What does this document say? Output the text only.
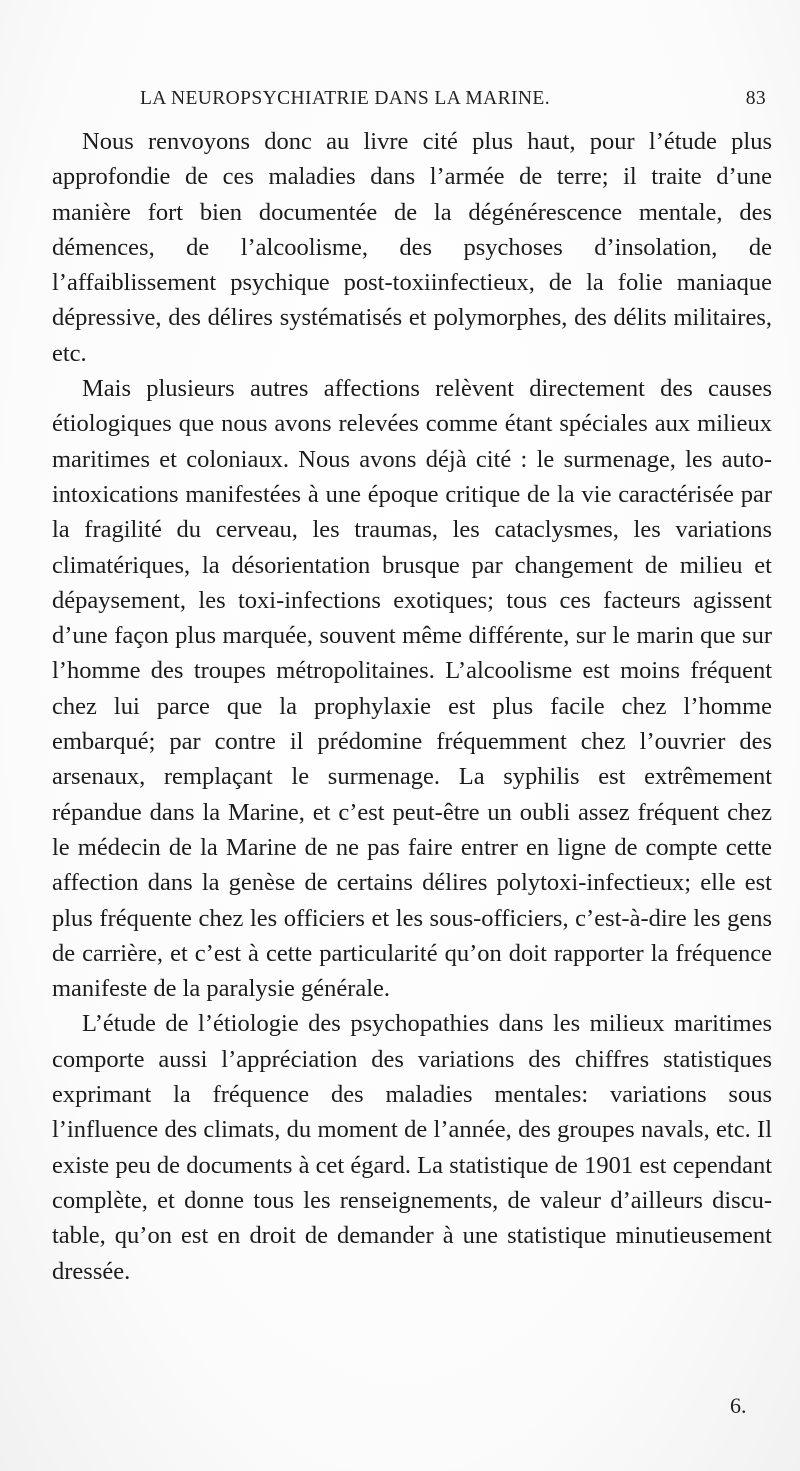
LA NEUROPSYCHIATRIE DANS LA MARINE.	83

Nous renvoyons donc au livre cité plus haut, pour l’étude plus approfondie de ces maladies dans l’armée de terre; il traite d’une manière fort bien documentée de la dégénérescence mentale, des démences, de l’alcoolisme, des psychoses d’insolation, de l’affaiblissement psychique post-toxiinfectieux, de la folie maniaque dépressive, des délires systématisés et polymorphes, des délits militaires, etc.

Mais plusieurs autres affections relèvent directement des causes étiologiques que nous avons relevées comme étant spéciales aux milieux maritimes et coloniaux. Nous avons déjà cité : le surmenage, les auto-intoxications manifestées à une époque critique de la vie caractérisée par la fragilité du cerveau, les traumas, les cataclysmes, les variations climatériques, la désorientation brusque par changement de milieu et dépaysement, les toxi-infections exotiques; tous ces facteurs agissent d’une façon plus marquée, souvent même différente, sur le marin que sur l’homme des troupes métropolitaines. L’alcoolisme est moins fréquent chez lui parce que la prophylaxie est plus facile chez l’homme embarqué; par contre il prédomine fréquemment chez l’ouvrier des arsenaux, remplaçant le surmenage. La syphilis est extrêmement répandue dans la Marine, et c’est peut-être un oubli assez fréquent chez le médecin de la Marine de ne pas faire entrer en ligne de compte cette affection dans la genèse de certains délires polytoxi-infectieux; elle est plus fréquente chez les officiers et les sous-officiers, c’est-à-dire les gens de carrière, et c’est à cette particularité qu’on doit rapporter la fréquence manifeste de la paralysie générale.

L’étude de l’étiologie des psychopathies dans les milieux maritimes comporte aussi l’appréciation des variations des chiffres statistiques exprimant la fréquence des maladies mentales: variations sous l’influence des climats, du moment de l’année, des groupes navals, etc. Il existe peu de documents à cet égard. La statistique de 1901 est cependant complète, et donne tous les renseignements, de valeur d’ailleurs discutable, qu’on est en droit de demander à une statistique minutieusement dressée.

6.
